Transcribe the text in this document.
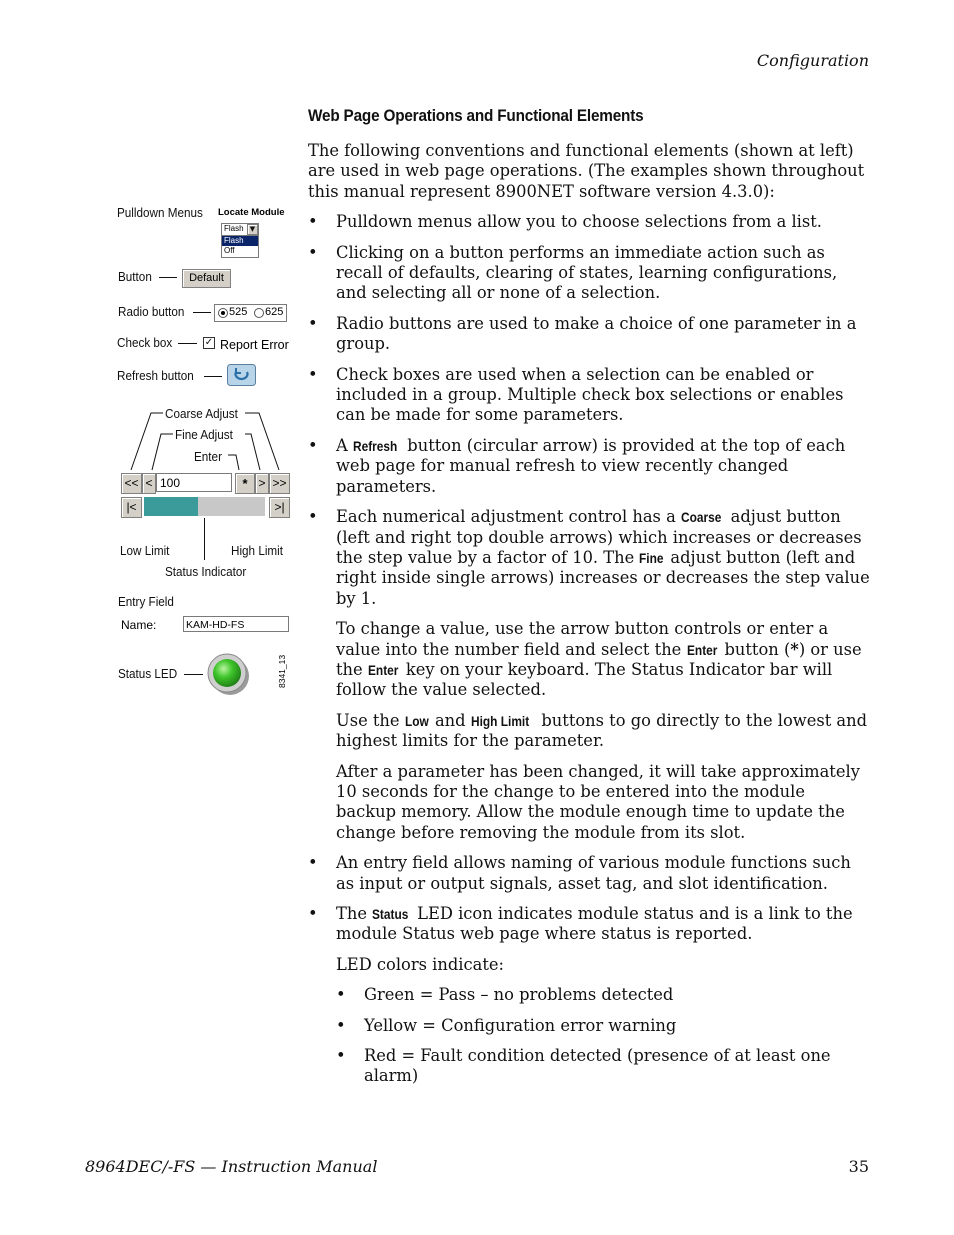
Configuration
Web Page Operations and Functional Elements

The following conventions and functional elements (shown at left) are used in web page operations. (The examples shown throughout this manual represent 8900NET software version 4.3.0):

• Pulldown menus allow you to choose selections from a list.
• Clicking on a button performs an immediate action such as recall of defaults, clearing of states, learning configurations, and selecting all or none of a selection.
• Radio buttons are used to make a choice of one parameter in a group.
• Check boxes are used when a selection can be enabled or included in a group. Multiple check box selections or enables can be made for some parameters.
• A Refresh button (circular arrow) is provided at the top of each web page for manual refresh to view recently changed parameters.
• Each numerical adjustment control has a Coarse adjust button (left and right top double arrows) which increases or decreases the step value by a factor of 10. The Fine adjust button (left and right inside single arrows) increases or decreases the step value by 1.
To change a value, use the arrow button controls or enter a value into the number field and select the Enter button (*) or use the Enter key on your keyboard. The Status Indicator bar will follow the value selected.
Use the Low and High Limit buttons to go directly to the lowest and highest limits for the parameter.
After a parameter has been changed, it will take approximately 10 seconds for the change to be entered into the module backup memory. Allow the module enough time to update the change before removing the module from its slot.
• An entry field allows naming of various module functions such as input or output signals, asset tag, and slot identification.
• The Status LED icon indicates module status and is a link to the module Status web page where status is reported.
LED colors indicate:
• Green = Pass – no problems detected
• Yellow = Configuration error warning
• Red = Fault condition detected (presence of at least one alarm)
Pulldown Menus Locate Module
Flash ▼
Flash
Off
Button	Default
Radio button	525 625
Check box	✓ Report Error
Refresh button
Coarse Adjust
Fine Adjust
Enter
<< < 100	* > >>
|<	>|
Low Limit	High Limit
Status Indicator
Entry Field
Name:	KAM-HD-FS
Status LED	8341_13
8964DEC/-FS — Instruction Manual	35
